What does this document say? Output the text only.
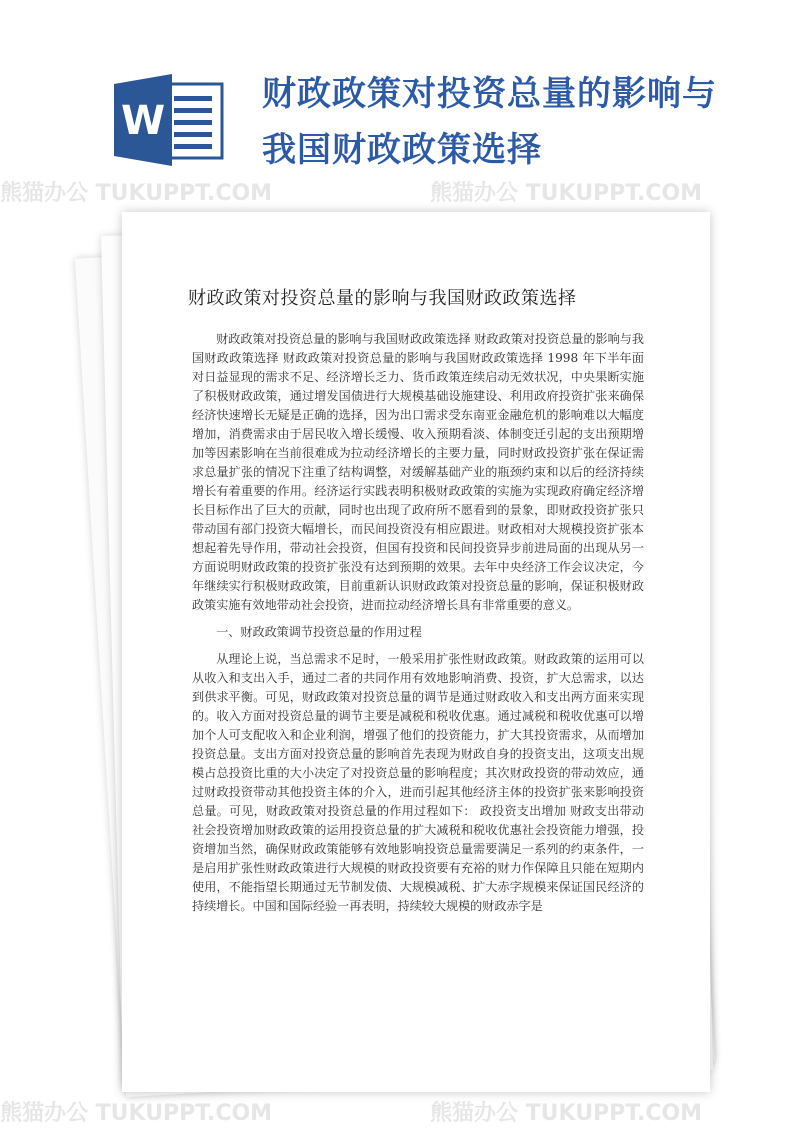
W
财政政策对投资总量的影响与
我国财政政策选择
财政政策对投资总量的影响与我国财政政策选择

财政政策对投资总量的影响与我国财政政策选择 财政政策对投资总量的影响与我国财政政策选择 财政政策对投资总量的影响与我国财政政策选择 1998 年下半年面对日益显现的需求不足、经济增长乏力、货币政策连续启动无效状况，中央果断实施了积极财政政策，通过增发国债进行大规模基础设施建设、利用政府投资扩张来确保经济快速增长无疑是正确的选择，因为出口需求受东南亚金融危机的影响难以大幅度增加，消费需求由于居民收入增长缓慢、收入预期看淡、体制变迁引起的支出预期增加等因素影响在当前很难成为拉动经济增长的主要力量，同时财政投资扩张在保证需求总量扩张的情况下注重了结构调整，对缓解基础产业的瓶颈约束和以后的经济持续增长有着重要的作用。经济运行实践表明积极财政政策的实施为实现政府确定经济增长目标作出了巨大的贡献，同时也出现了政府所不愿看到的景象，即财政投资扩张只带动国有部门投资大幅增长，而民间投资没有相应跟进。财政相对大规模投资扩张本想起着先导作用，带动社会投资，但国有投资和民间投资异步前进局面的出现从另一方面说明财政政策的投资扩张没有达到预期的效果。去年中央经济工作会议决定，今年继续实行积极财政政策，目前重新认识财政政策对投资总量的影响，保证积极财政政策实施有效地带动社会投资，进而拉动经济增长具有非常重要的意义。

一、财政政策调节投资总量的作用过程

从理论上说，当总需求不足时，一般采用扩张性财政政策。财政政策的运用可以从收入和支出入手，通过二者的共同作用有效地影响消费、投资，扩大总需求，以达到供求平衡。可见，财政政策对投资总量的调节是通过财政收入和支出两方面来实现的。收入方面对投资总量的调节主要是减税和税收优惠。通过减税和税收优惠可以增加个人可支配收入和企业利润，增强了他们的投资能力，扩大其投资需求，从而增加投资总量。支出方面对投资总量的影响首先表现为财政自身的投资支出，这项支出规模占总投资比重的大小决定了对投资总量的影响程度；其次财政投资的带动效应，通过财政投资带动其他投资主体的介入，进而引起其他经济主体的投资扩张来影响投资总量。可见，财政政策对投资总量的作用过程如下： 政投资支出增加 财政支出带动社会投资增加财政政策的运用投资总量的扩大减税和税收优惠社会投资能力增强，投资增加当然，确保财政政策能够有效地影响投资总量需要满足一系列的约束条件，一是启用扩张性财政政策进行大规模的财政投资要有充裕的财力作保障且只能在短期内使用，不能指望长期通过无节制发债、大规模减税、扩大赤字规模来保证国民经济的持续增长。中国和国际经验一再表明，持续较大规模的财政赤字是

熊猫办公 TUKUPPT.COM	熊猫办公 TUKUPPT.COM
熊猫办公 TUKUPPT.COM	熊猫办公 TUKUPPT.COM
